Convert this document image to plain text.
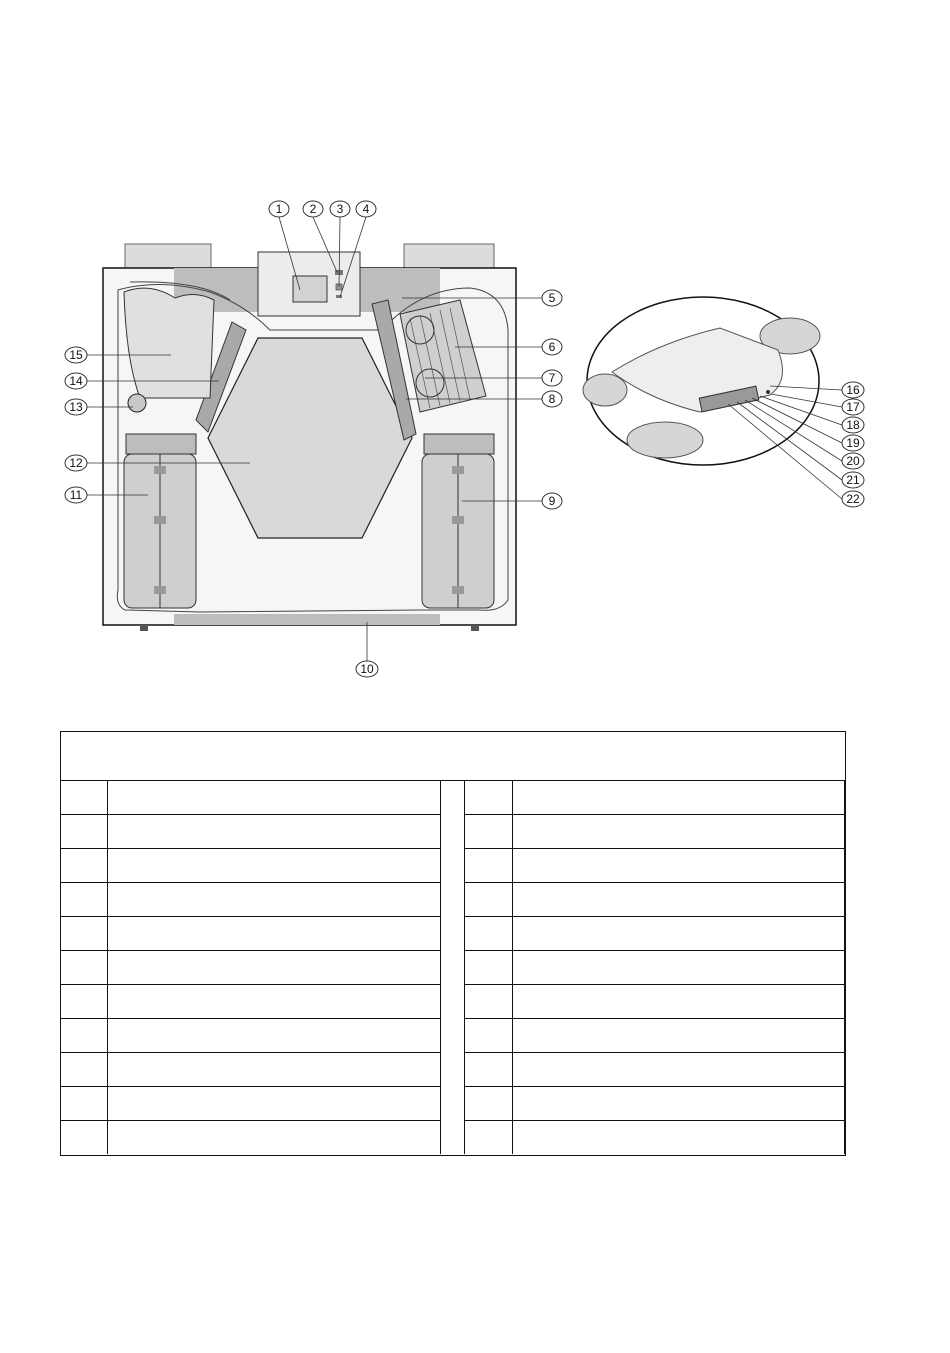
1 2 3 4
5
6
7
8
9
10
11
12
13
14
15
16
17
18
19
20
21
22
